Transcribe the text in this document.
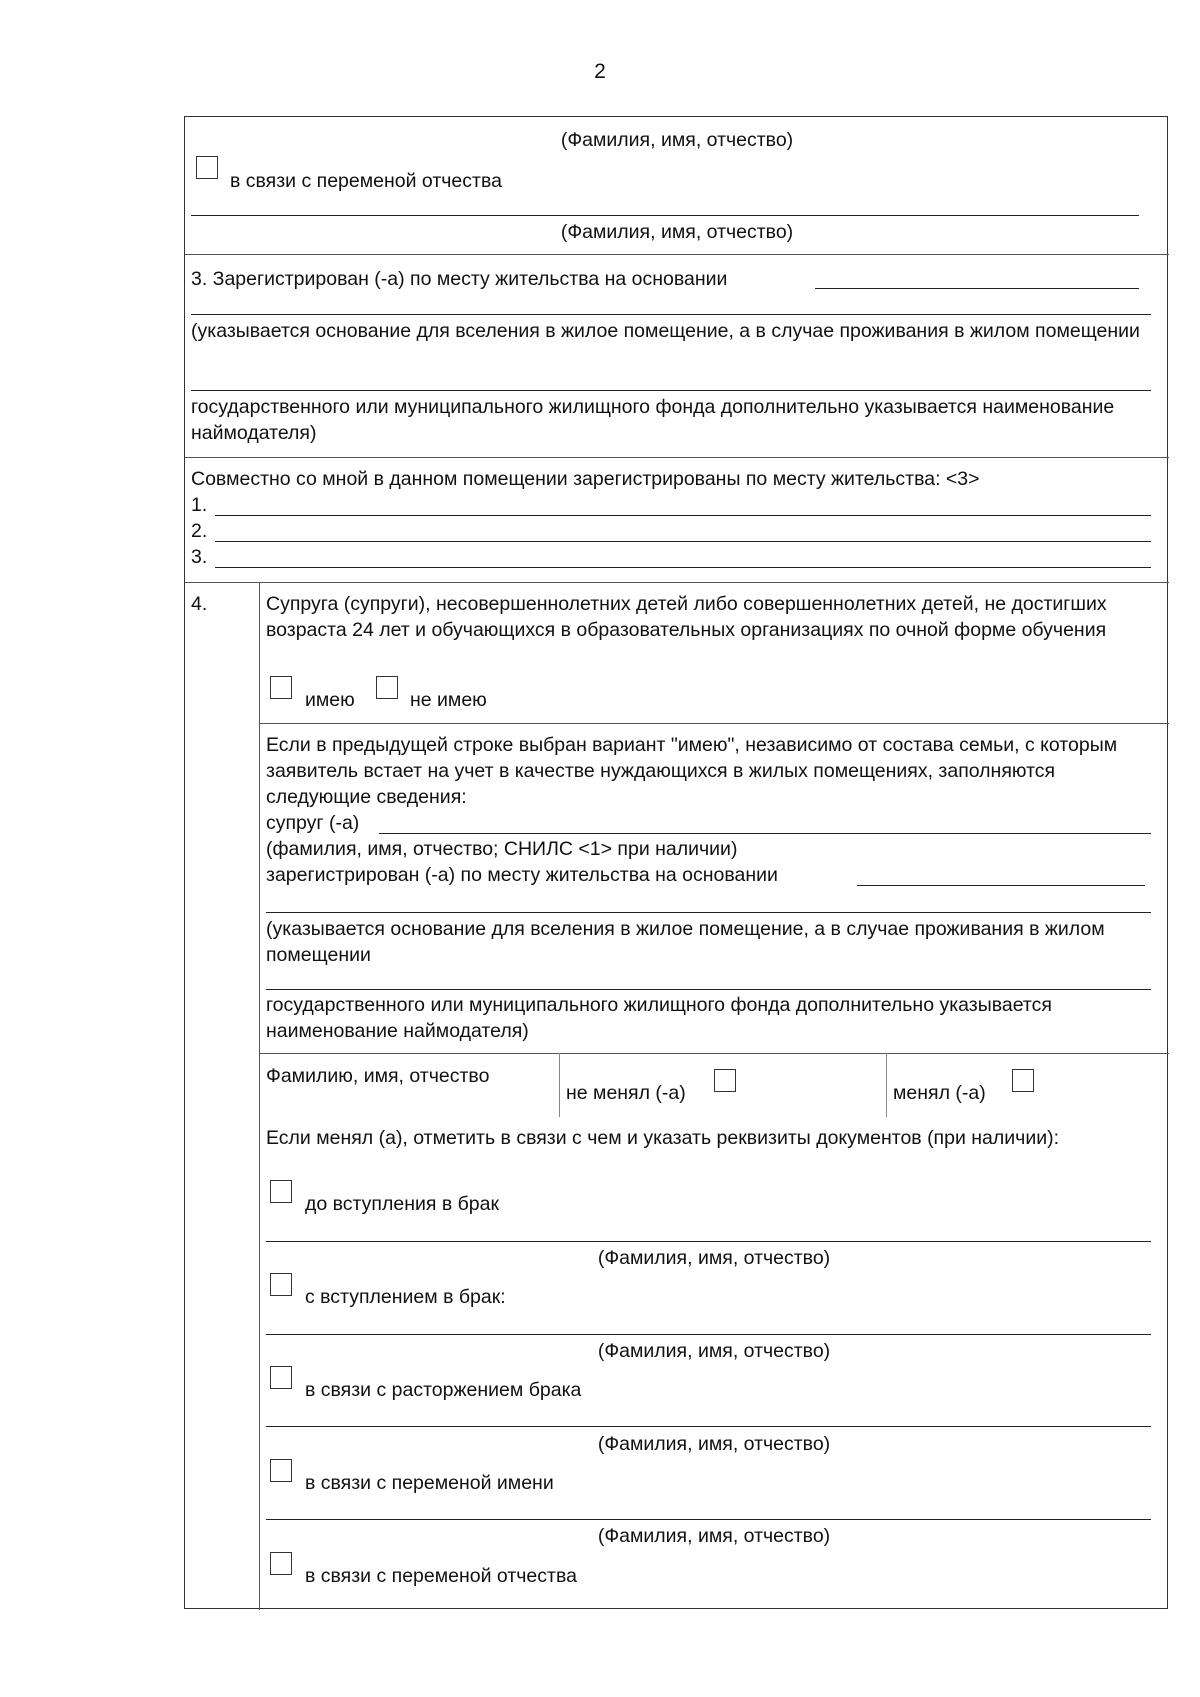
2
(Фамилия, имя, отчество)
в связи с переменой отчества
(Фамилия, имя, отчество)
3. Зарегистрирован (-а) по месту жительства на основании
(указывается основание для вселения в жилое помещение, а в случае проживания в жилом помещении
государственного или муниципального жилищного фонда дополнительно указывается наименование наймодателя)
Совместно со мной в данном помещении зарегистрированы по месту жительства: <3>
1.
2.
3.
4.	Супруга (супруги), несовершеннолетних детей либо совершеннолетних детей, не достигших возраста 24 лет и обучающихся в образовательных организациях по очной форме обучения
имею	не имею
Если в предыдущей строке выбран вариант "имею", независимо от состава семьи, с которым заявитель встает на учет в качестве нуждающихся в жилых помещениях, заполняются следующие сведения:
супруг (-а)
(фамилия, имя, отчество; СНИЛС <1> при наличии)
зарегистрирован (-а) по месту жительства на основании
(указывается основание для вселения в жилое помещение, а в случае проживания в жилом помещении
государственного или муниципального жилищного фонда дополнительно указывается наименование наймодателя)
Фамилию, имя, отчество
не менял (-а)	менял (-а)
Если менял (а), отметить в связи с чем и указать реквизиты документов (при наличии):
до вступления в брак
(Фамилия, имя, отчество)
с вступлением в брак:
(Фамилия, имя, отчество)
в связи с расторжением брака
(Фамилия, имя, отчество)
в связи с переменой имени
(Фамилия, имя, отчество)
в связи с переменой отчества
